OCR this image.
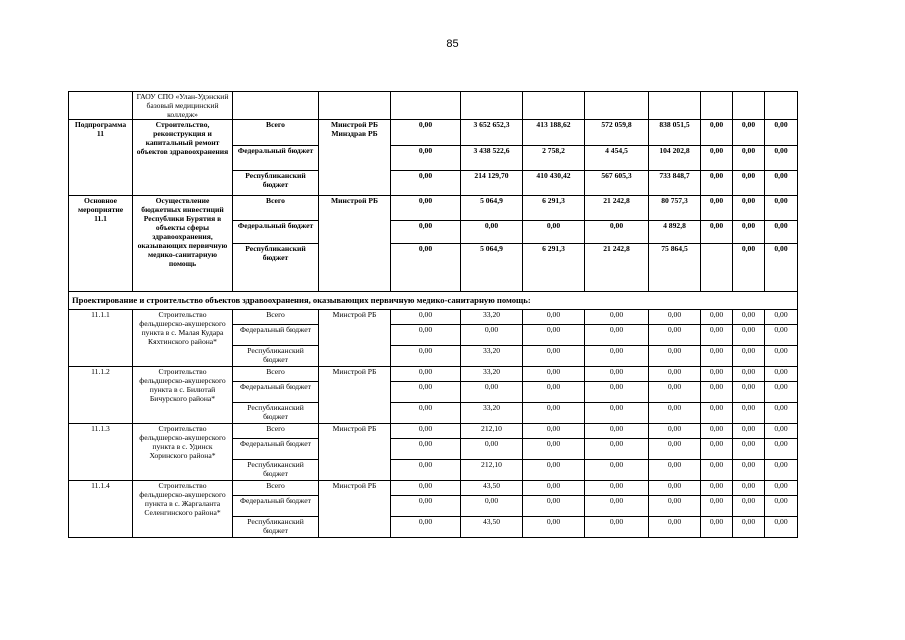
85
	ГАОУ СПО «Улан-Удэнский базовый медицинский колледж»										
Подпрограмма 11	Строительство, реконструкция и капитальный ремонт объектов здравоохранения	Всего	Минстрой РБ Минздрав РБ	0,00	3 652 652,3	413 188,62	572 059,8	838 051,5	0,00	0,00	0,00
		Федеральный бюджет		0,00	3 438 522,6	2 758,2	4 454,5	104 202,8	0,00	0,00	0,00
		Республиканский бюджет		0,00	214 129,70	410 430,42	567 605,3	733 848,7	0,00	0,00	0,00
Основное мероприятие 11.1	Осуществление бюджетных инвестиций Республики Бурятия в объекты сферы здравоохранения, оказывающих первичную медико-санитарную помощь	Всего	Минстрой РБ	0,00	5 064,9	6 291,3	21 242,8	80 757,3	0,00	0,00	0,00
		Федеральный бюджет		0,00	0,00	0,00	0,00	4 892,8	0,00	0,00	0,00
		Республиканский бюджет		0,00	5 064,9	6 291,3	21 242,8	75 864,5		0,00	0,00
Проектирование и строительство объектов здравоохранения, оказывающих первичную медико-санитарную помощь:											
11.1.1	Строительство фельдшерско-акушерского пункта в с. Малая Кудара Кяхтинского района*	Всего	Минстрой РБ	0,00	33,20	0,00	0,00	0,00	0,00	0,00	0,00
		Федеральный бюджет		0,00	0,00	0,00	0,00	0,00	0,00	0,00	0,00
		Республиканский бюджет		0,00	33,20	0,00	0,00	0,00	0,00	0,00	0,00
11.1.2	Строительство фельдшерско-акушерского пункта в с. Билютай Бичурского района*	Всего	Минстрой РБ	0,00	33,20	0,00	0,00	0,00	0,00	0,00	0,00
		Федеральный бюджет		0,00	0,00	0,00	0,00	0,00	0,00	0,00	0,00
		Республиканский бюджет		0,00	33,20	0,00	0,00	0,00	0,00	0,00	0,00
11.1.3	Строительство фельдшерско-акушерского пункта в с. Удинск Хоринского района*	Всего	Минстрой РБ	0,00	212,10	0,00	0,00	0,00	0,00	0,00	0,00
		Федеральный бюджет		0,00	0,00	0,00	0,00	0,00	0,00	0,00	0,00
		Республиканский бюджет		0,00	212,10	0,00	0,00	0,00	0,00	0,00	0,00
11.1.4	Строительство фельдшерско-акушерского пункта в с. Жаргаланта Селенгинского района*	Всего	Минстрой РБ	0,00	43,50	0,00	0,00	0,00	0,00	0,00	0,00
		Федеральный бюджет		0,00	0,00	0,00	0,00	0,00	0,00	0,00	0,00
		Республиканский бюджет		0,00	43,50	0,00	0,00	0,00	0,00	0,00	0,00
